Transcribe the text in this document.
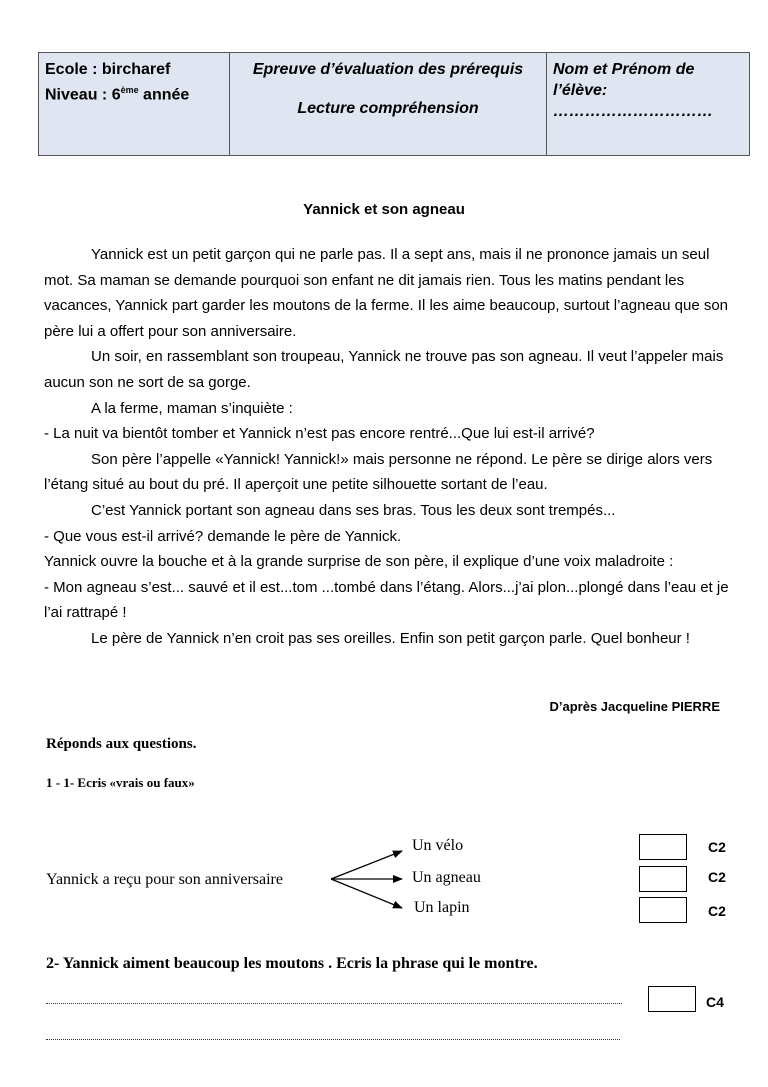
Ecole : bircharef
Niveau : 6ème année
	Epreuve d’évaluation des prérequis
Lecture compréhension

Nom et Prénom de
l’élève:
…………………………
Yannick et son agneau

Yannick est un petit garçon qui ne parle pas. Il a sept ans, mais il ne prononce jamais un seul mot. Sa maman se demande pourquoi son enfant ne dit jamais rien. Tous les matins pendant les vacances, Yannick part garder les moutons de la ferme. Il les aime beaucoup, surtout l’agneau que son père lui a offert pour son anniversaire.

Un soir, en rassemblant son troupeau, Yannick ne trouve pas son agneau. Il veut l’appeler mais aucun son ne sort de sa gorge.

A la ferme, maman s’inquiète :

- La nuit va bientôt tomber et Yannick n’est pas encore rentré...Que lui est-il arrivé?

Son père l’appelle «Yannick! Yannick!» mais personne ne répond. Le père se dirige alors vers l’étang situé au bout du pré. Il aperçoit une petite silhouette sortant de l’eau.

C’est Yannick portant son agneau dans ses bras. Tous les deux sont trempés...

- Que vous est-il arrivé? demande le père de Yannick.

Yannick ouvre la bouche et à la grande surprise de son père, il explique d’une voix maladroite :

- Mon agneau s’est... sauvé et il est...tom ...tombé dans l’étang. Alors...j’ai plon...plongé dans l’eau et je l’ai rattrapé !

Le père de Yannick n’en croit pas ses oreilles. Enfin son petit garçon parle. Quel bonheur !

D’après Jacqueline PIERRE
Réponds aux questions.
1 - 1- Ecris «vrais ou faux»
Yannick a reçu pour son anniversaire
Un vélo
Un agneau
Un lapin
C2
C2
C2
2- Yannick aiment beaucoup les moutons . Ecris la phrase qui le montre.
C4
